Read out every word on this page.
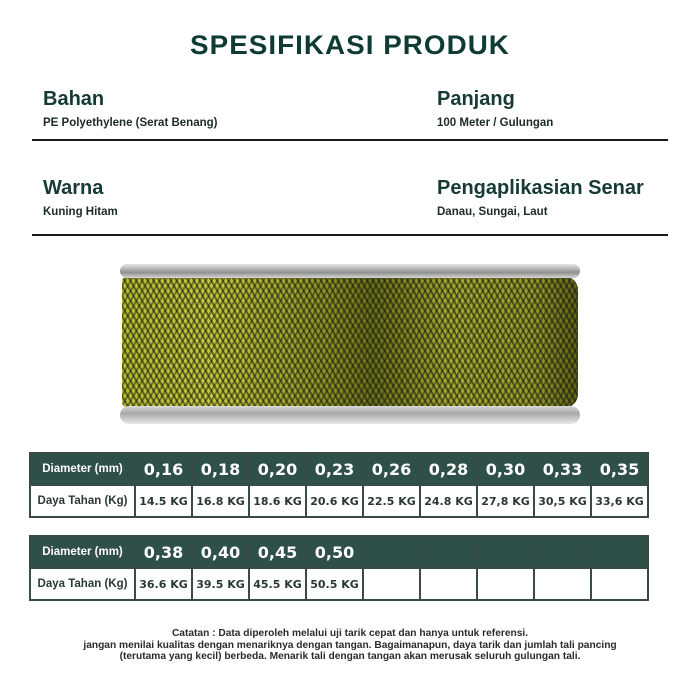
SPESIFIKASI PRODUK
Bahan
PE Polyethylene (Serat Benang)
Panjang
100 Meter / Gulungan
Warna
Kuning Hitam
Pengaplikasian Senar
Danau, Sungai, Laut
Diameter (mm)	0,16	0,18	0,20	0,23	0,26	0,28	0,30	0,33	0,35
Daya Tahan (Kg)	14.5 KG	16.8 KG	18.6 KG	20.6 KG	22.5 KG	24.8 KG	27,8 KG	30,5 KG	33,6 KG
Diameter (mm)	0,38	0,40	0,45	0,50					
Daya Tahan (Kg)	36.6 KG	39.5 KG	45.5 KG	50.5 KG					
Catatan : Data diperoleh melalui uji tarik cepat dan hanya untuk referensi.
jangan menilai kualitas dengan menariknya dengan tangan. Bagaimanapun, daya tarik dan jumlah tali pancing
(terutama yang kecil) berbeda. Menarik tali dengan tangan akan merusak seluruh gulungan tali.
